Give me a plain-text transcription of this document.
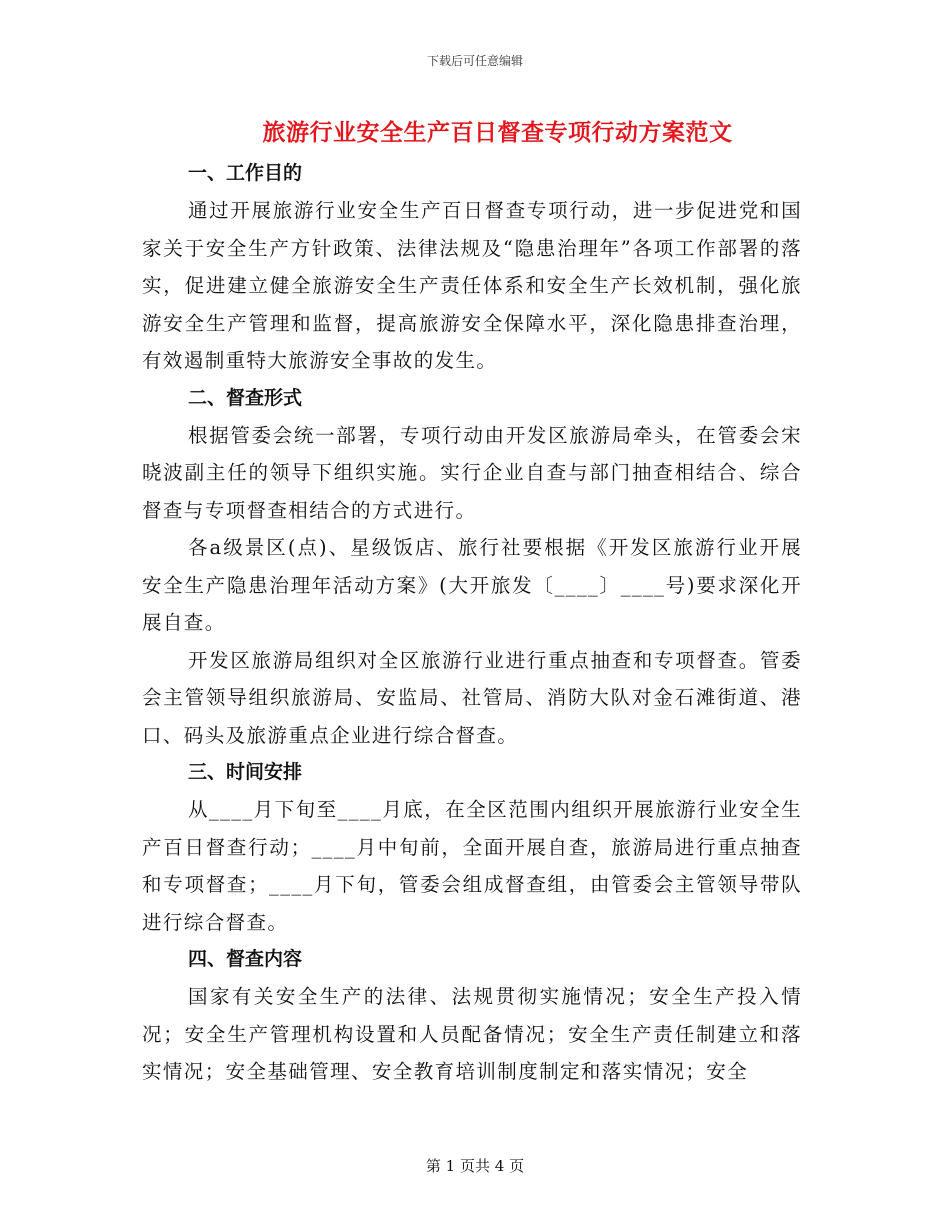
下载后可任意编辑
旅游行业安全生产百日督查专项行动方案范文
一、工作目的

通过开展旅游行业安全生产百日督查专项行动，进一步促进党和国家关于安全生产方针政策、法律法规及“隐患治理年”各项工作部署的落实，促进建立健全旅游安全生产责任体系和安全生产长效机制，强化旅游安全生产管理和监督，提高旅游安全保障水平，深化隐患排查治理，有效遏制重特大旅游安全事故的发生。

二、督查形式

根据管委会统一部署，专项行动由开发区旅游局牵头，在管委会宋晓波副主任的领导下组织实施。实行企业自查与部门抽查相结合、综合督查与专项督查相结合的方式进行。

各a级景区(点)、星级饭店、旅行社要根据《开发区旅游行业开展安全生产隐患治理年活动方案》(大开旅发〔____〕____号)要求深化开展自查。

开发区旅游局组织对全区旅游行业进行重点抽查和专项督查。管委会主管领导组织旅游局、安监局、社管局、消防大队对金石滩街道、港口、码头及旅游重点企业进行综合督查。

三、时间安排

从____月下旬至____月底，在全区范围内组织开展旅游行业安全生产百日督查行动；____月中旬前，全面开展自查，旅游局进行重点抽查和专项督查；____月下旬，管委会组成督查组，由管委会主管领导带队进行综合督查。

四、督查内容

国家有关安全生产的法律、法规贯彻实施情况；安全生产投入情况；安全生产管理机构设置和人员配备情况；安全生产责任制建立和落实情况；安全基础管理、安全教育培训制度制定和落实情况；安全

第 1 页共 4 页
